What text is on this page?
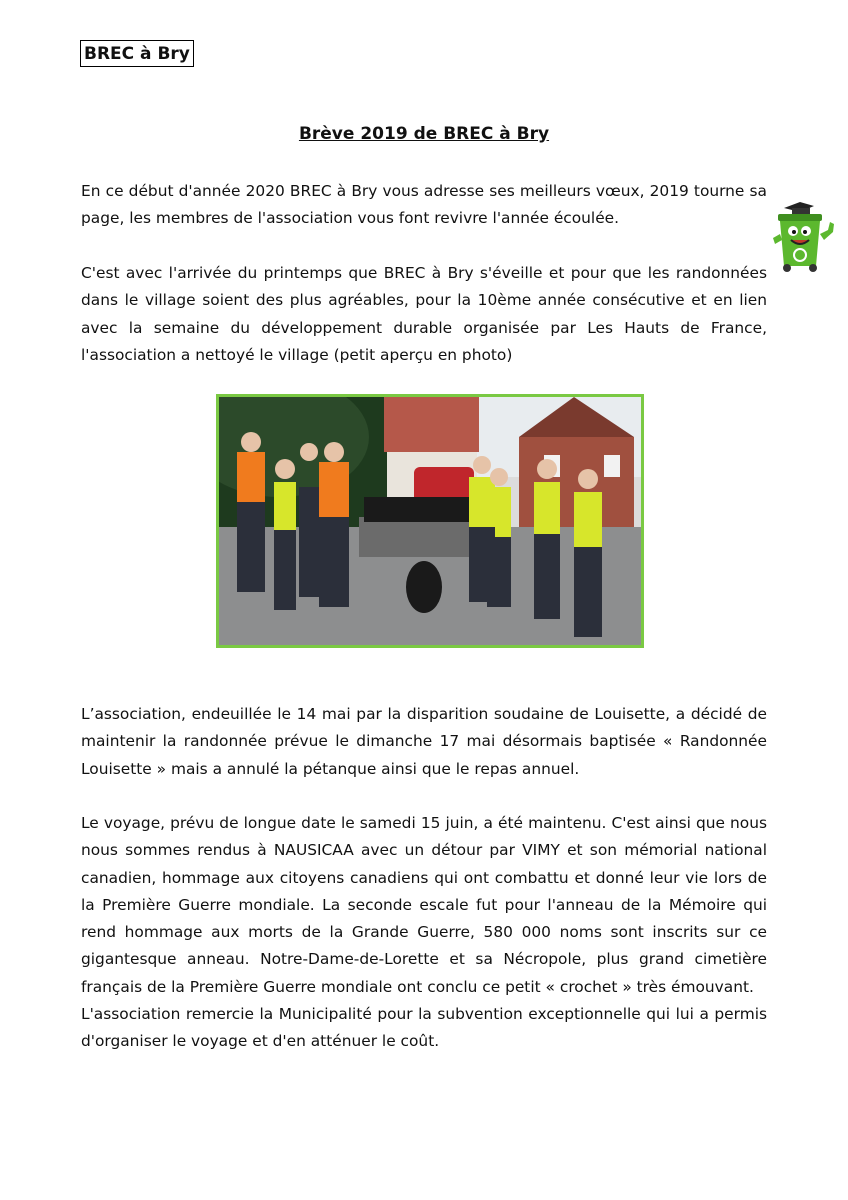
BREC à Bry
Brève 2019 de BREC à Bry

En ce début d'année 2020 BREC à Bry vous adresse ses meilleurs vœux, 2019 tourne sa page, les membres de l'association vous font revivre l'année écoulée.

C'est avec l'arrivée du printemps que BREC à Bry s'éveille et pour que les randonnées dans le village soient des plus agréables, pour la 10ème année consécutive et en lien avec la semaine du développement durable organisée par Les Hauts de France, l'association a nettoyé le village (petit aperçu en photo)

L’association, endeuillée le 14 mai par la disparition soudaine de Louisette, a décidé de maintenir la randonnée prévue le dimanche 17 mai désormais baptisée « Randonnée Louisette » mais a annulé la pétanque ainsi que le repas annuel.

Le voyage, prévu de longue date le samedi 15 juin, a été maintenu. C'est ainsi que nous nous sommes rendus à NAUSICAA avec un détour par VIMY et son mémorial national canadien, hommage aux citoyens canadiens qui ont combattu et donné leur vie lors de la Première Guerre mondiale. La seconde escale fut pour l'anneau de la Mémoire qui rend hommage aux morts de la Grande Guerre, 580 000 noms sont inscrits sur ce gigantesque anneau. Notre-Dame-de-Lorette et sa Nécropole, plus grand cimetière français de la Première Guerre mondiale ont conclu ce petit « crochet » très émouvant.

L'association remercie la Municipalité pour la subvention exceptionnelle qui lui a permis d'organiser le voyage et d'en atténuer le coût.
